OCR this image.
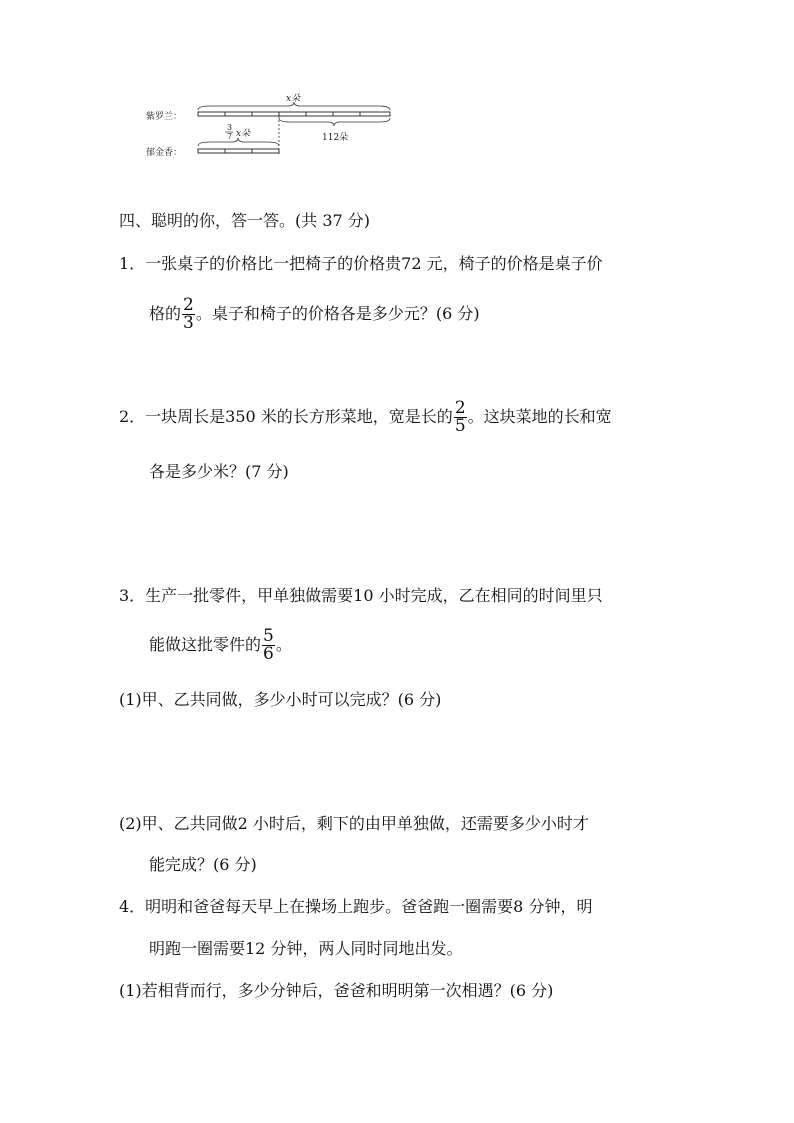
紫罗兰：
郁金香：
x朵
112朵
3
7 x朵
四、聪明的你，答一答。(共 37 分)
1．一张桌子的价格比一把椅子的价格贵72 元，椅子的价格是桌子价
格的 $\frac{2}{3}$ 。桌子和椅子的价格各是多少元？(6 分)
2．一块周长是350 米的长方形菜地，宽是长的 $\frac{2}{5}$ 。这块菜地的长和宽
各是多少米？(7 分)
3．生产一批零件，甲单独做需要10 小时完成，乙在相同的时间里只
能做这批零件的 $\frac{5}{6}$ 。
(1)甲、乙共同做，多少小时可以完成？(6 分)
(2)甲、乙共同做2 小时后，剩下的由甲单独做，还需要多少小时才
能完成？(6 分)
4．明明和爸爸每天早上在操场上跑步。爸爸跑一圈需要8 分钟，明
明跑一圈需要12 分钟，两人同时同地出发。
(1)若相背而行，多少分钟后，爸爸和明明第一次相遇？(6 分)
